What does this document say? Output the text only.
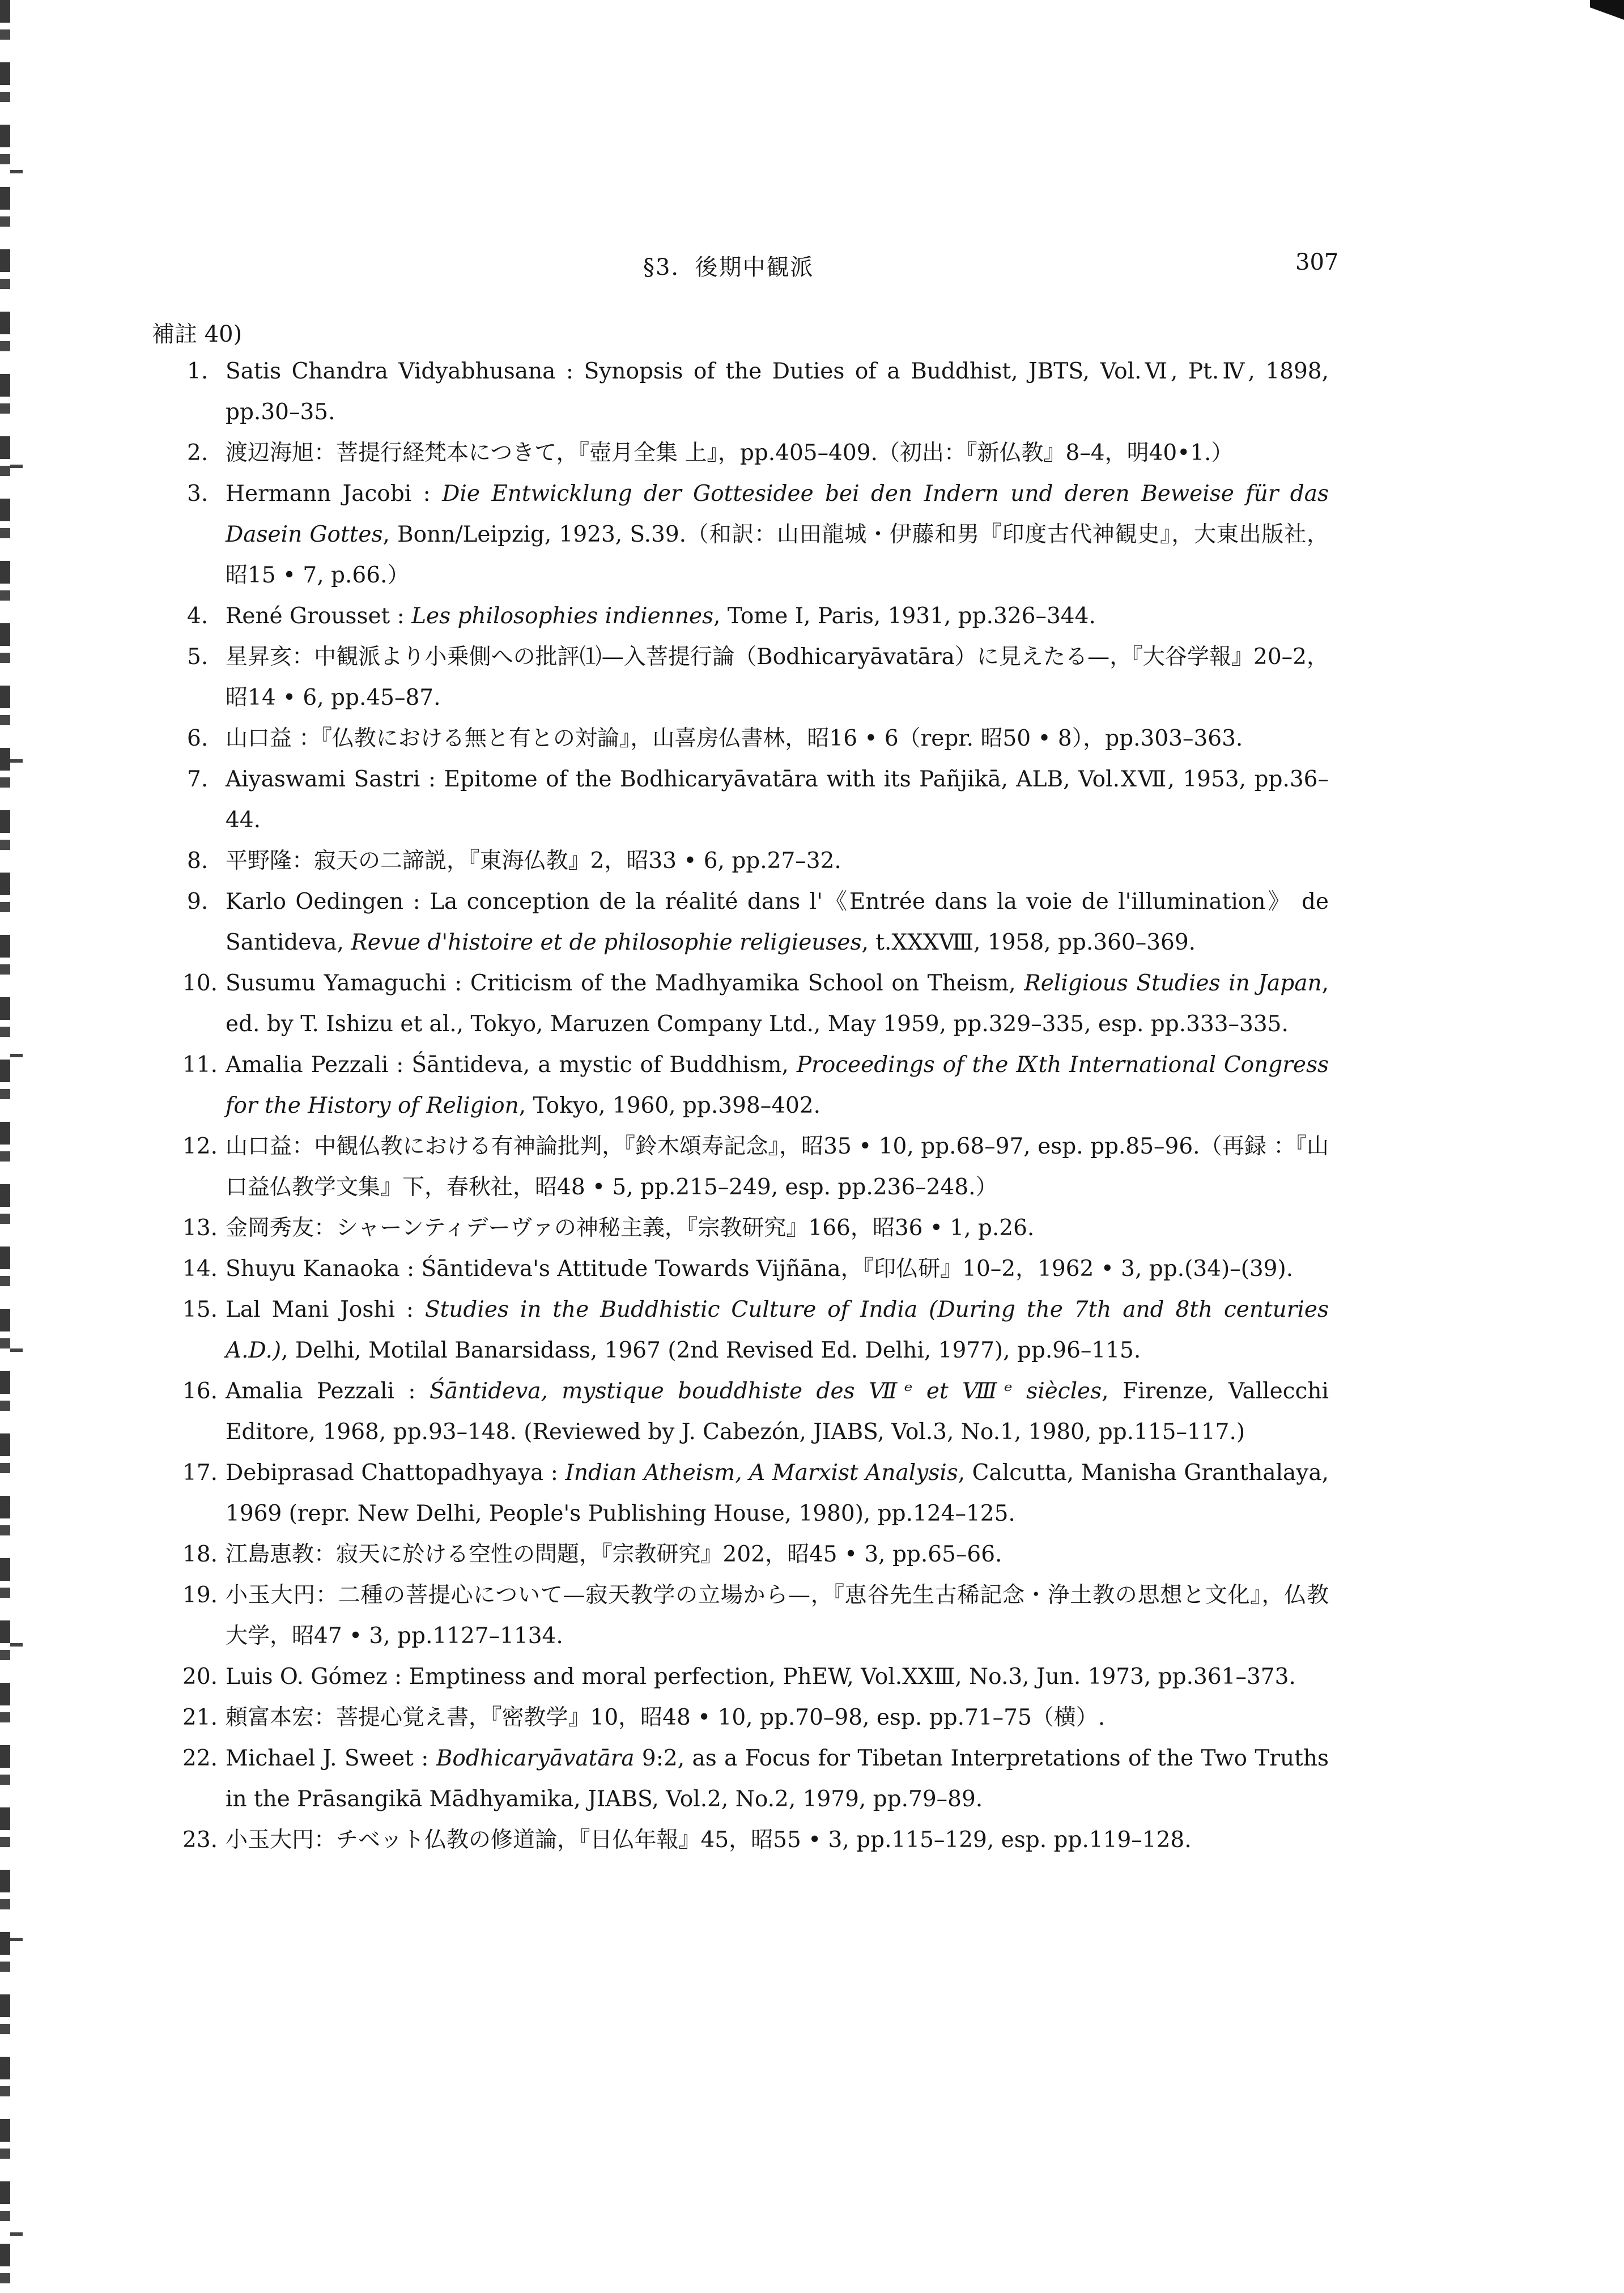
§3．後期中観派	307
補註 40)
1. Satis Chandra Vidyabhusana : Synopsis of the Duties of a Buddhist, JBTS, Vol.Ⅵ, Pt.Ⅳ, 1898, pp.30–35.
2. 渡辺海旭：菩提行経梵本につきて，『壺月全集 上』，pp.405–409.（初出：『新仏教』8–4，明40•1.）
3. Hermann Jacobi : Die Entwicklung der Gottesidee bei den Indern und deren Beweise für das Dasein Gottes, Bonn/Leipzig, 1923, S.39.（和訳：山田龍城・伊藤和男『印度古代神観史』，大東出版社，昭15 • 7, p.66.）
4. René Grousset : Les philosophies indiennes, Tome I, Paris, 1931, pp.326–344.
5. 星昇亥：中観派より小乗側への批評⑴—入菩提行論（Bodhicaryāvatāra）に見えたる—，『大谷学報』20–2，昭14 • 6, pp.45–87.
6. 山口益 ：『仏教における無と有との対論』，山喜房仏書林，昭16 • 6（repr. 昭50 • 8），pp.303–363.
7. Aiyaswami Sastri : Epitome of the Bodhicaryāvatāra with its Pañjikā, ALB, Vol.ⅩⅦ, 1953, pp.36–44.
8. 平野隆：寂天の二諦説，『東海仏教』2，昭33 • 6, pp.27–32.
9. Karlo Oedingen : La conception de la réalité dans l'《Entrée dans la voie de l'illumination》 de Santideva, Revue d'histoire et de philosophie religieuses, t.XXXⅧ, 1958, pp.360–369.
10. Susumu Yamaguchi : Criticism of the Madhyamika School on Theism, Religious Studies in Japan, ed. by T. Ishizu et al., Tokyo, Maruzen Company Ltd., May 1959, pp.329–335, esp. pp.333–335.
11. Amalia Pezzali : Śāntideva, a mystic of Buddhism, Proceedings of the Ⅸth International Congress for the History of Religion, Tokyo, 1960, pp.398–402.
12. 山口益：中観仏教における有神論批判，『鈴木頌寿記念』，昭35 • 10, pp.68–97, esp. pp.85–96.（再録 ：『山口益仏教学文集』下，春秋社，昭48 • 5, pp.215–249, esp. pp.236–248.）
13. 金岡秀友：シャーンティデーヴァの神秘主義，『宗教研究』166，昭36 • 1, p.26.
14. Shuyu Kanaoka : Śāntideva's Attitude Towards Vijñāna，『印仏研』10–2，1962 • 3, pp.(34)–(39).
15. Lal Mani Joshi : Studies in the Buddhistic Culture of India (During the 7th and 8th centuries A.D.), Delhi, Motilal Banarsidass, 1967 (2nd Revised Ed. Delhi, 1977), pp.96–115.
16. Amalia Pezzali : Śāntideva, mystique bouddhiste des Ⅶᵉ et Ⅷᵉ siècles, Firenze, Vallecchi Editore, 1968, pp.93–148. (Reviewed by J. Cabezón, JIABS, Vol.3, No.1, 1980, pp.115–117.)
17. Debiprasad Chattopadhyaya : Indian Atheism, A Marxist Analysis, Calcutta, Manisha Granthalaya, 1969 (repr. New Delhi, People's Publishing House, 1980), pp.124–125.
18. 江島恵教：寂天に於ける空性の問題，『宗教研究』202，昭45 • 3, pp.65–66.
19. 小玉大円：二種の菩提心について—寂天教学の立場から—，『恵谷先生古稀記念・浄土教の思想と文化』，仏教大学，昭47 • 3, pp.1127–1134.
20. Luis O. Gómez : Emptiness and moral perfection, PhEW, Vol.XXⅢ, No.3, Jun. 1973, pp.361–373.
21. 頼富本宏：菩提心覚え書，『密教学』10，昭48 • 10, pp.70–98, esp. pp.71–75（横）.
22. Michael J. Sweet : Bodhicaryāvatāra 9:2, as a Focus for Tibetan Interpretations of the Two Truths in the Prāsangikā Mādhyamika, JIABS, Vol.2, No.2, 1979, pp.79–89.
23. 小玉大円：チベット仏教の修道論，『日仏年報』45，昭55 • 3, pp.115–129, esp. pp.119–128.
